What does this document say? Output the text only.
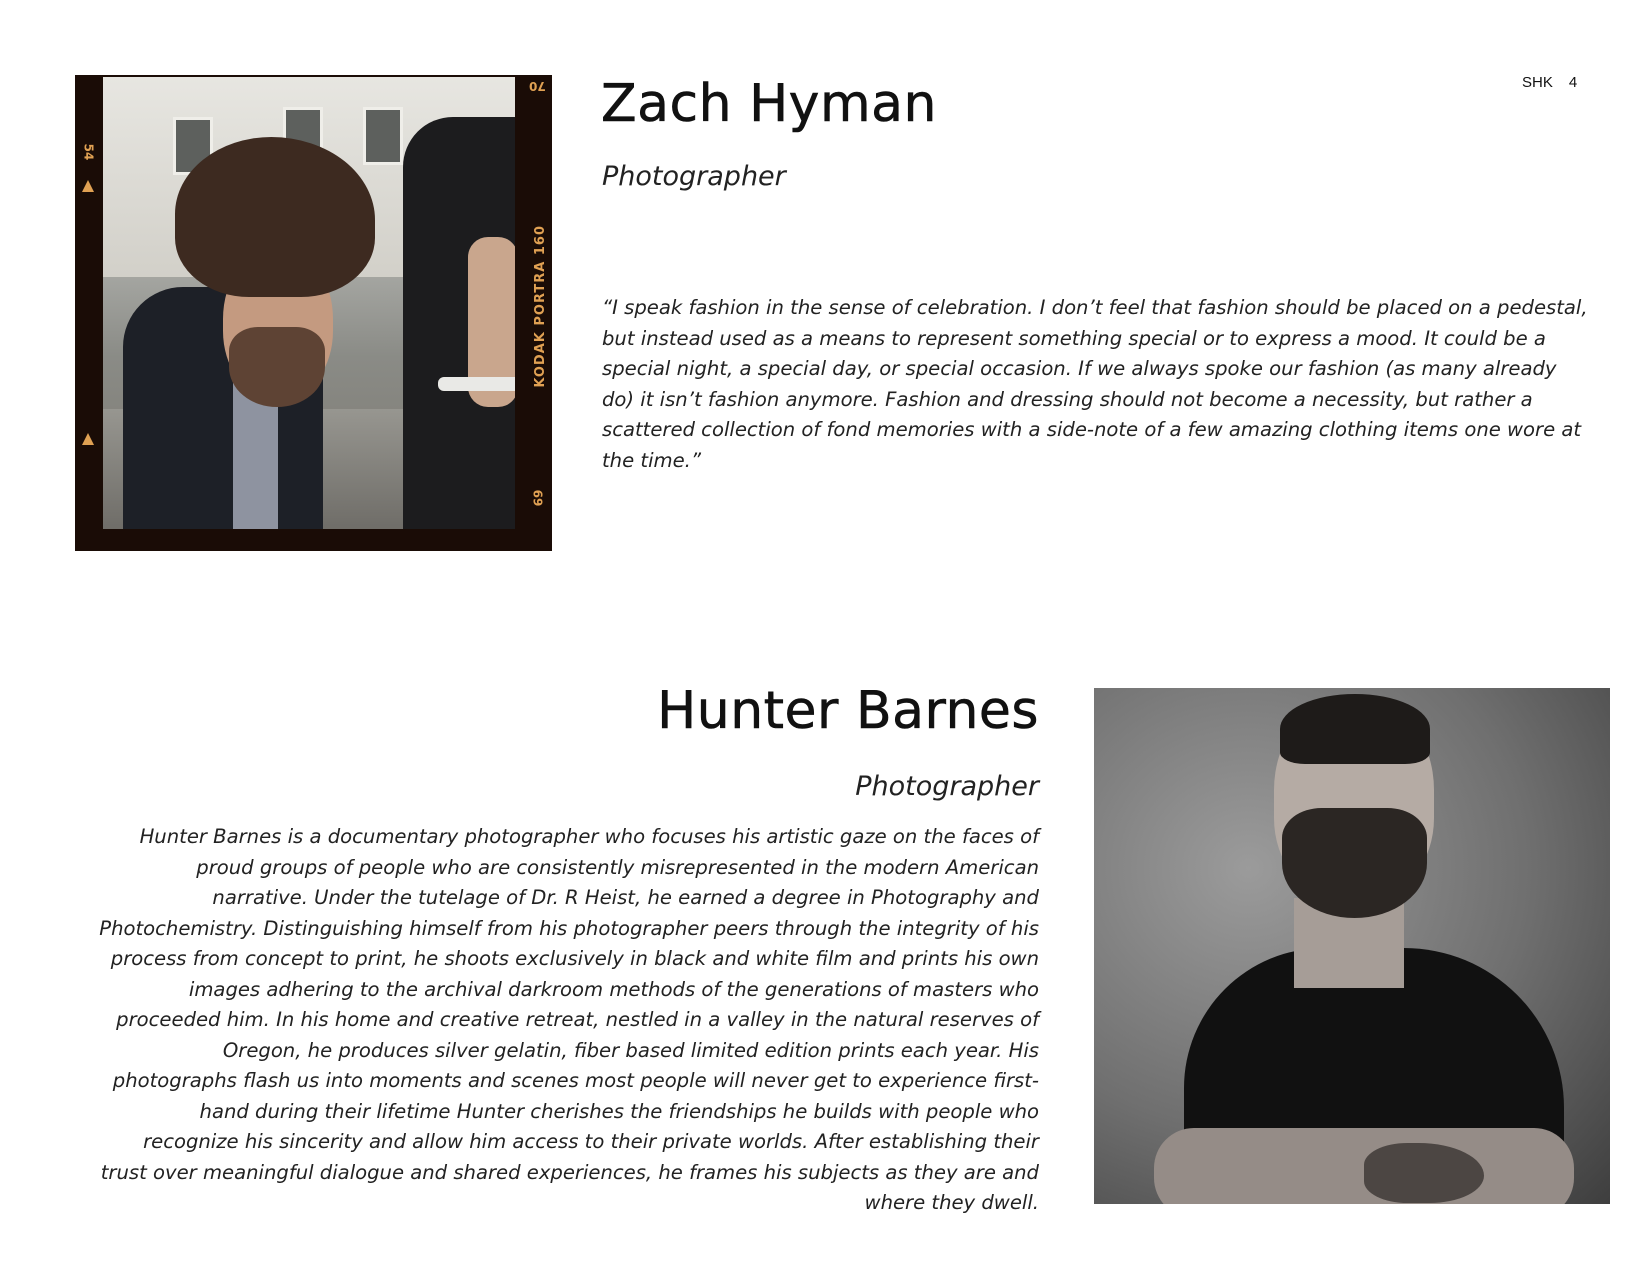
SHK 4
KODAK PORTRA 160
70
54
69
Zach Hyman

Photographer

“I speak fashion in the sense of celebration. I don’t feel that fashion should be placed on a pedestal, but instead used as a means to represent something special or to express a mood. It could be a special night, a special day, or special occasion. If we always spoke our fashion (as many already do) it isn’t fashion anymore. Fashion and dressing should not become a necessity, but rather a scattered collection of fond memories with a side-note of a few amazing clothing items one wore at the time.”

Hunter Barnes

Photographer

Hunter Barnes is a documentary photographer who focuses his artistic gaze on the faces of proud groups of people who are consistently misrepresented in the modern American narrative. Under the tutelage of Dr. R Heist, he earned a degree in Photography and Photochemistry. Distinguishing himself from his photographer peers through the integrity of his process from concept to print, he shoots exclusively in black and white film and prints his own images adhering to the archival darkroom methods of the generations of masters who proceeded him. In his home and creative retreat, nestled in a valley in the natural reserves of Oregon, he produces silver gelatin, fiber based limited edition prints each year. His photographs flash us into moments and scenes most people will never get to experience first-hand during their lifetime Hunter cherishes the friendships he builds with people who recognize his sincerity and allow him access to their private worlds. After establishing their trust over meaningful dialogue and shared experiences, he frames his subjects as they are and where they dwell.
